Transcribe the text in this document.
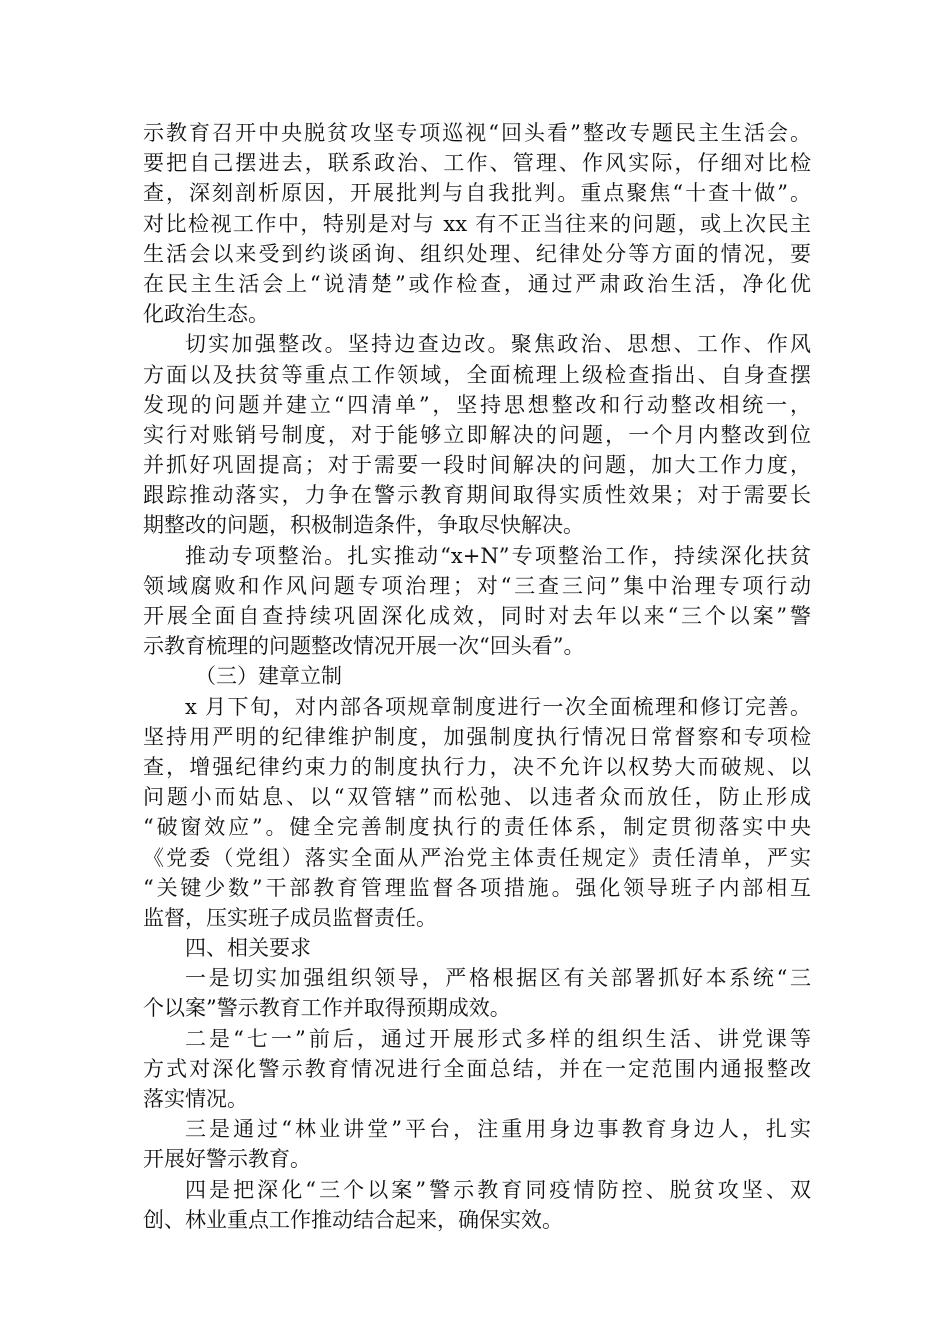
示教育召开中央脱贫攻坚专项巡视“回头看”整改专题民主生活会。
要把自己摆进去，联系政治、工作、管理、作风实际，仔细对比检
查，深刻剖析原因，开展批判与自我批判。重点聚焦“十查十做”。
对比检视工作中，特别是对与 xx 有不正当往来的问题，或上次民主
生活会以来受到约谈函询、组织处理、纪律处分等方面的情况，要
在民主生活会上“说清楚”或作检查，通过严肃政治生活，净化优
化政治生态。
切实加强整改。坚持边查边改。聚焦政治、思想、工作、作风
方面以及扶贫等重点工作领域，全面梳理上级检查指出、自身查摆
发现的问题并建立“四清单”，坚持思想整改和行动整改相统一，
实行对账销号制度，对于能够立即解决的问题，一个月内整改到位
并抓好巩固提高；对于需要一段时间解决的问题，加大工作力度，
跟踪推动落实，力争在警示教育期间取得实质性效果；对于需要长
期整改的问题，积极制造条件，争取尽快解决。
推动专项整治。扎实推动“x+N”专项整治工作，持续深化扶贫
领域腐败和作风问题专项治理；对“三查三问”集中治理专项行动
开展全面自查持续巩固深化成效，同时对去年以来“三个以案”警
示教育梳理的问题整改情况开展一次“回头看”。
（三）建章立制
x 月下旬，对内部各项规章制度进行一次全面梳理和修订完善。
坚持用严明的纪律维护制度，加强制度执行情况日常督察和专项检
查，增强纪律约束力的制度执行力，决不允许以权势大而破规、以
问题小而姑息、以“双管辖”而松弛、以违者众而放任，防止形成
“破窗效应”。健全完善制度执行的责任体系，制定贯彻落实中央
《党委（党组）落实全面从严治党主体责任规定》责任清单，严实
“关键少数”干部教育管理监督各项措施。强化领导班子内部相互
监督，压实班子成员监督责任。
四、相关要求
一是切实加强组织领导，严格根据区有关部署抓好本系统“三
个以案”警示教育工作并取得预期成效。
二是“七一”前后，通过开展形式多样的组织生活、讲党课等
方式对深化警示教育情况进行全面总结，并在一定范围内通报整改
落实情况。
三是通过“林业讲堂”平台，注重用身边事教育身边人，扎实
开展好警示教育。
四是把深化“三个以案”警示教育同疫情防控、脱贫攻坚、双
创、林业重点工作推动结合起来，确保实效。
